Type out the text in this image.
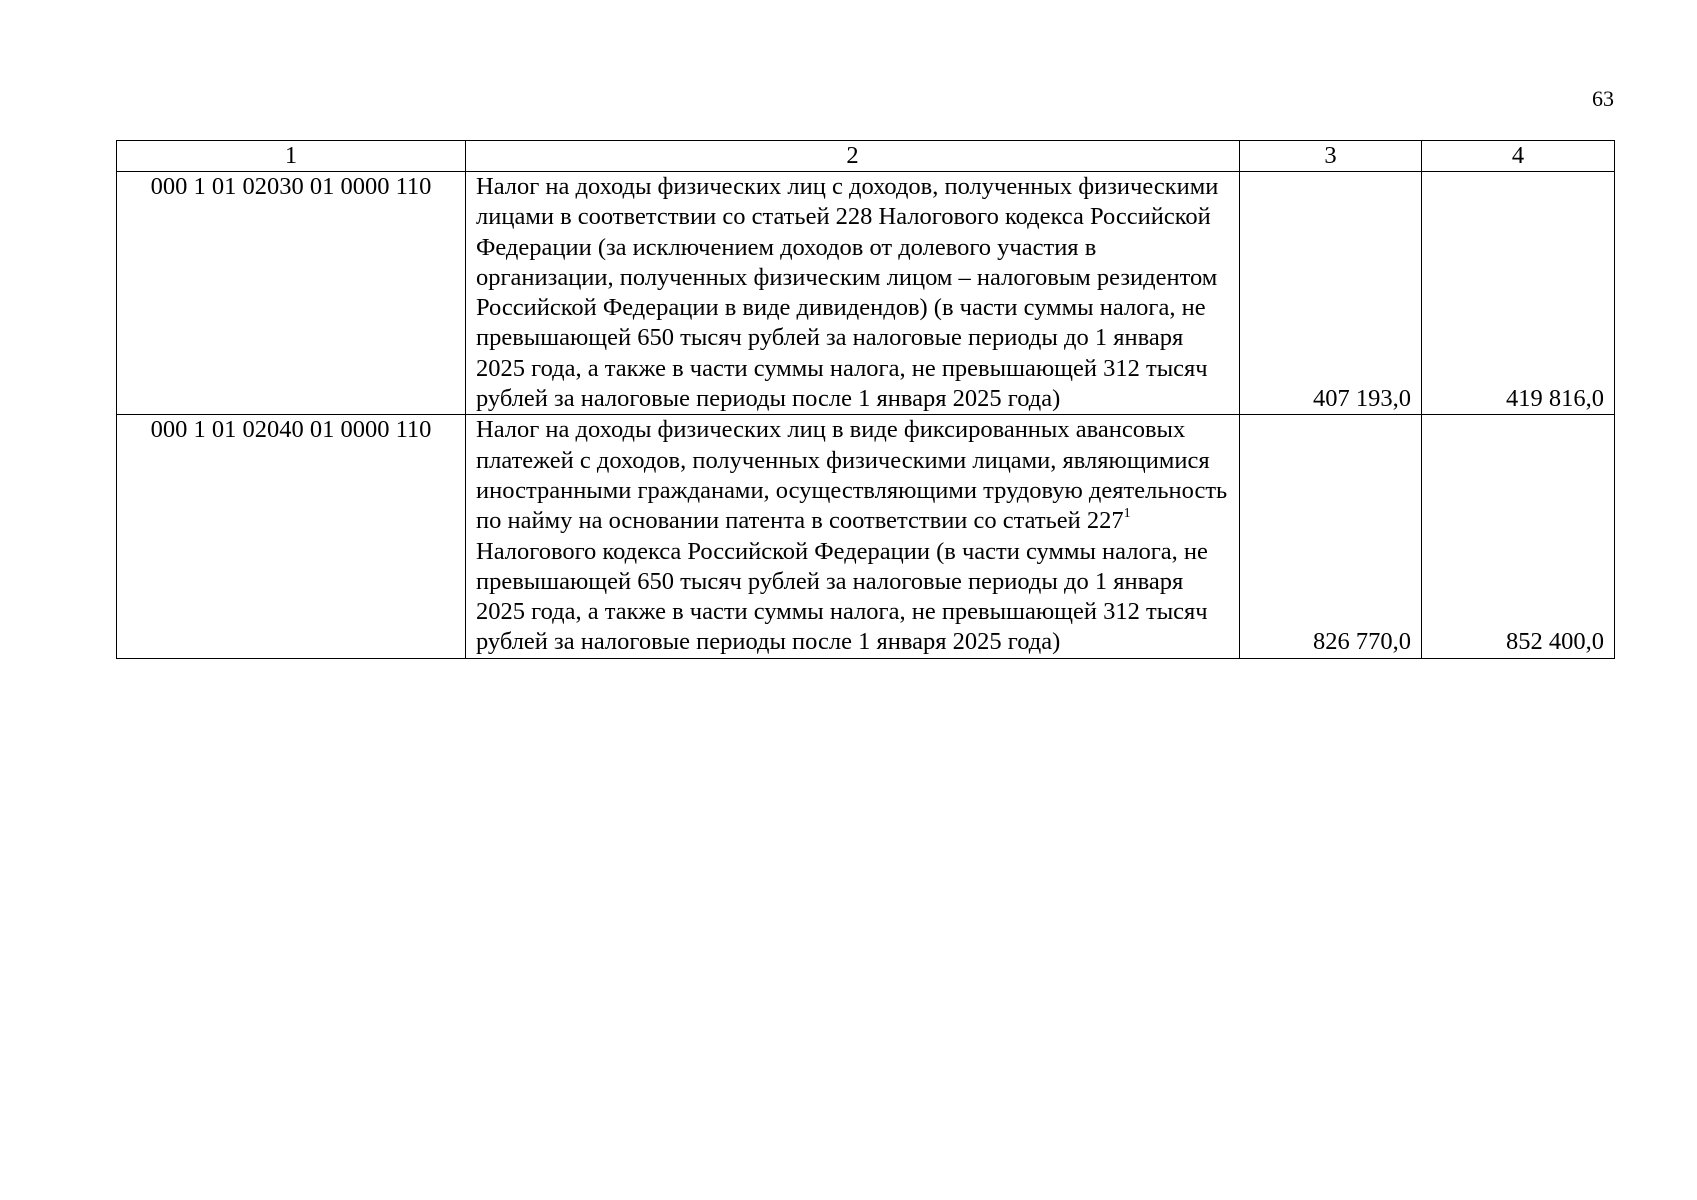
63
1	2	3	4
000 1 01 02030 01 0000 110	Налог на доходы физических лиц с доходов, полученных физическими лицами в соответствии со статьей 228 Налогового кодекса Российской Федерации (за исключением доходов от долевого участия в организации, полученных физическим лицом – налоговым резидентом Российской Федерации в виде дивидендов) (в части суммы налога, не превышающей 650 тысяч рублей за налоговые периоды до 1 января 2025 года, а также в части суммы налога, не превышающей 312 тысяч рублей за налоговые периоды после 1 января 2025 года)	407 193,0	419 816,0
000 1 01 02040 01 0000 110	Налог на доходы физических лиц в виде фиксированных авансовых платежей с доходов, полученных физическими лицами, являющимися иностранными гражданами, осуществляющими трудовую деятельность по найму на основании патента в соответствии со статьей $227^1$ Налогового кодекса Российской Федерации (в части суммы налога, не превышающей 650 тысяч рублей за налоговые периоды до 1 января 2025 года, а также в части суммы налога, не превышающей 312 тысяч рублей за налоговые периоды после 1 января 2025 года)	826 770,0	852 400,0
